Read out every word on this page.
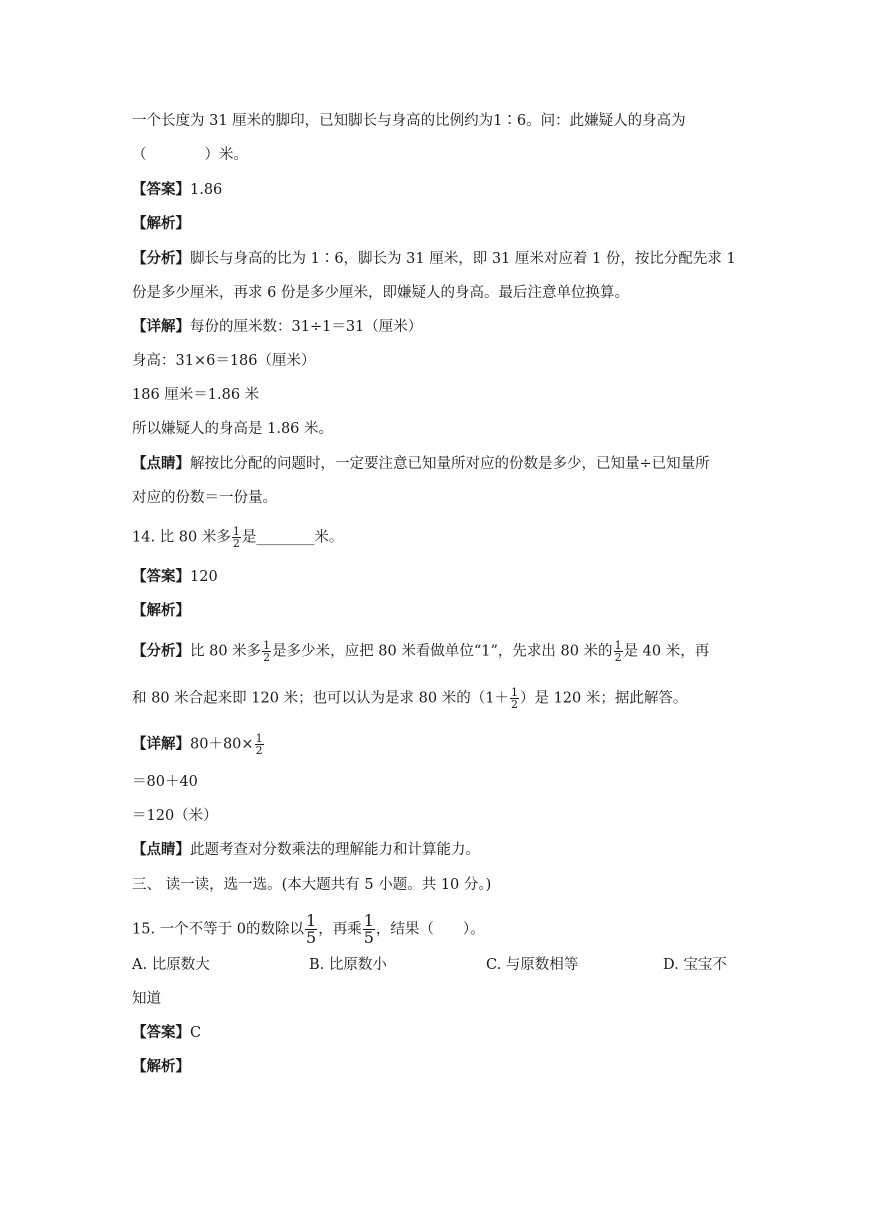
一个长度为 31 厘米的脚印，已知脚长与身高的比例约为1∶6。问：此嫌疑人的身高为
（　　　　）米。
【答案】1.86
【解析】
【分析】脚长与身高的比为 1∶6，脚长为 31 厘米，即 31 厘米对应着 1 份，按比分配先求 1
份是多少厘米，再求 6 份是多少厘米，即嫌疑人的身高。最后注意单位换算。
【详解】每份的厘米数：31÷1＝31（厘米）
身高：31×6＝186（厘米）
186 厘米＝1.86 米
所以嫌疑人的身高是 1.86 米。
【点睛】解按比分配的问题时，一定要注意已知量所对应的份数是多少，已知量÷已知量所
对应的份数＝一份量。
14. 比 80 米多 $\frac{1}{2}$ 是________米。
【答案】120
【解析】
【分析】比 80 米多 $\frac{1}{2}$ 是多少米，应把 80 米看做单位“1”，先求出 80 米的 $\frac{1}{2}$ 是 40 米，再
和 80 米合起来即 120 米；也可以认为是求 80 米的（$1+ \frac{1}{2}$ ）是 120 米；据此解答。
【详解】$80+80\times \frac{1}{2}$
＝80＋40
＝120（米）
【点睛】此题考查对分数乘法的理解能力和计算能力。
三、 读一读，选一选。(本大题共有 5 小题。共 10 分。)
15. 一个不等于 0的数除以 $\frac{1}{5}$ ，再乘 $\frac{1}{5}$ ，结果（　　）。
A. 比原数大	B. 比原数小	C. 与原数相等	D. 宝宝不
知道
【答案】C
【解析】
